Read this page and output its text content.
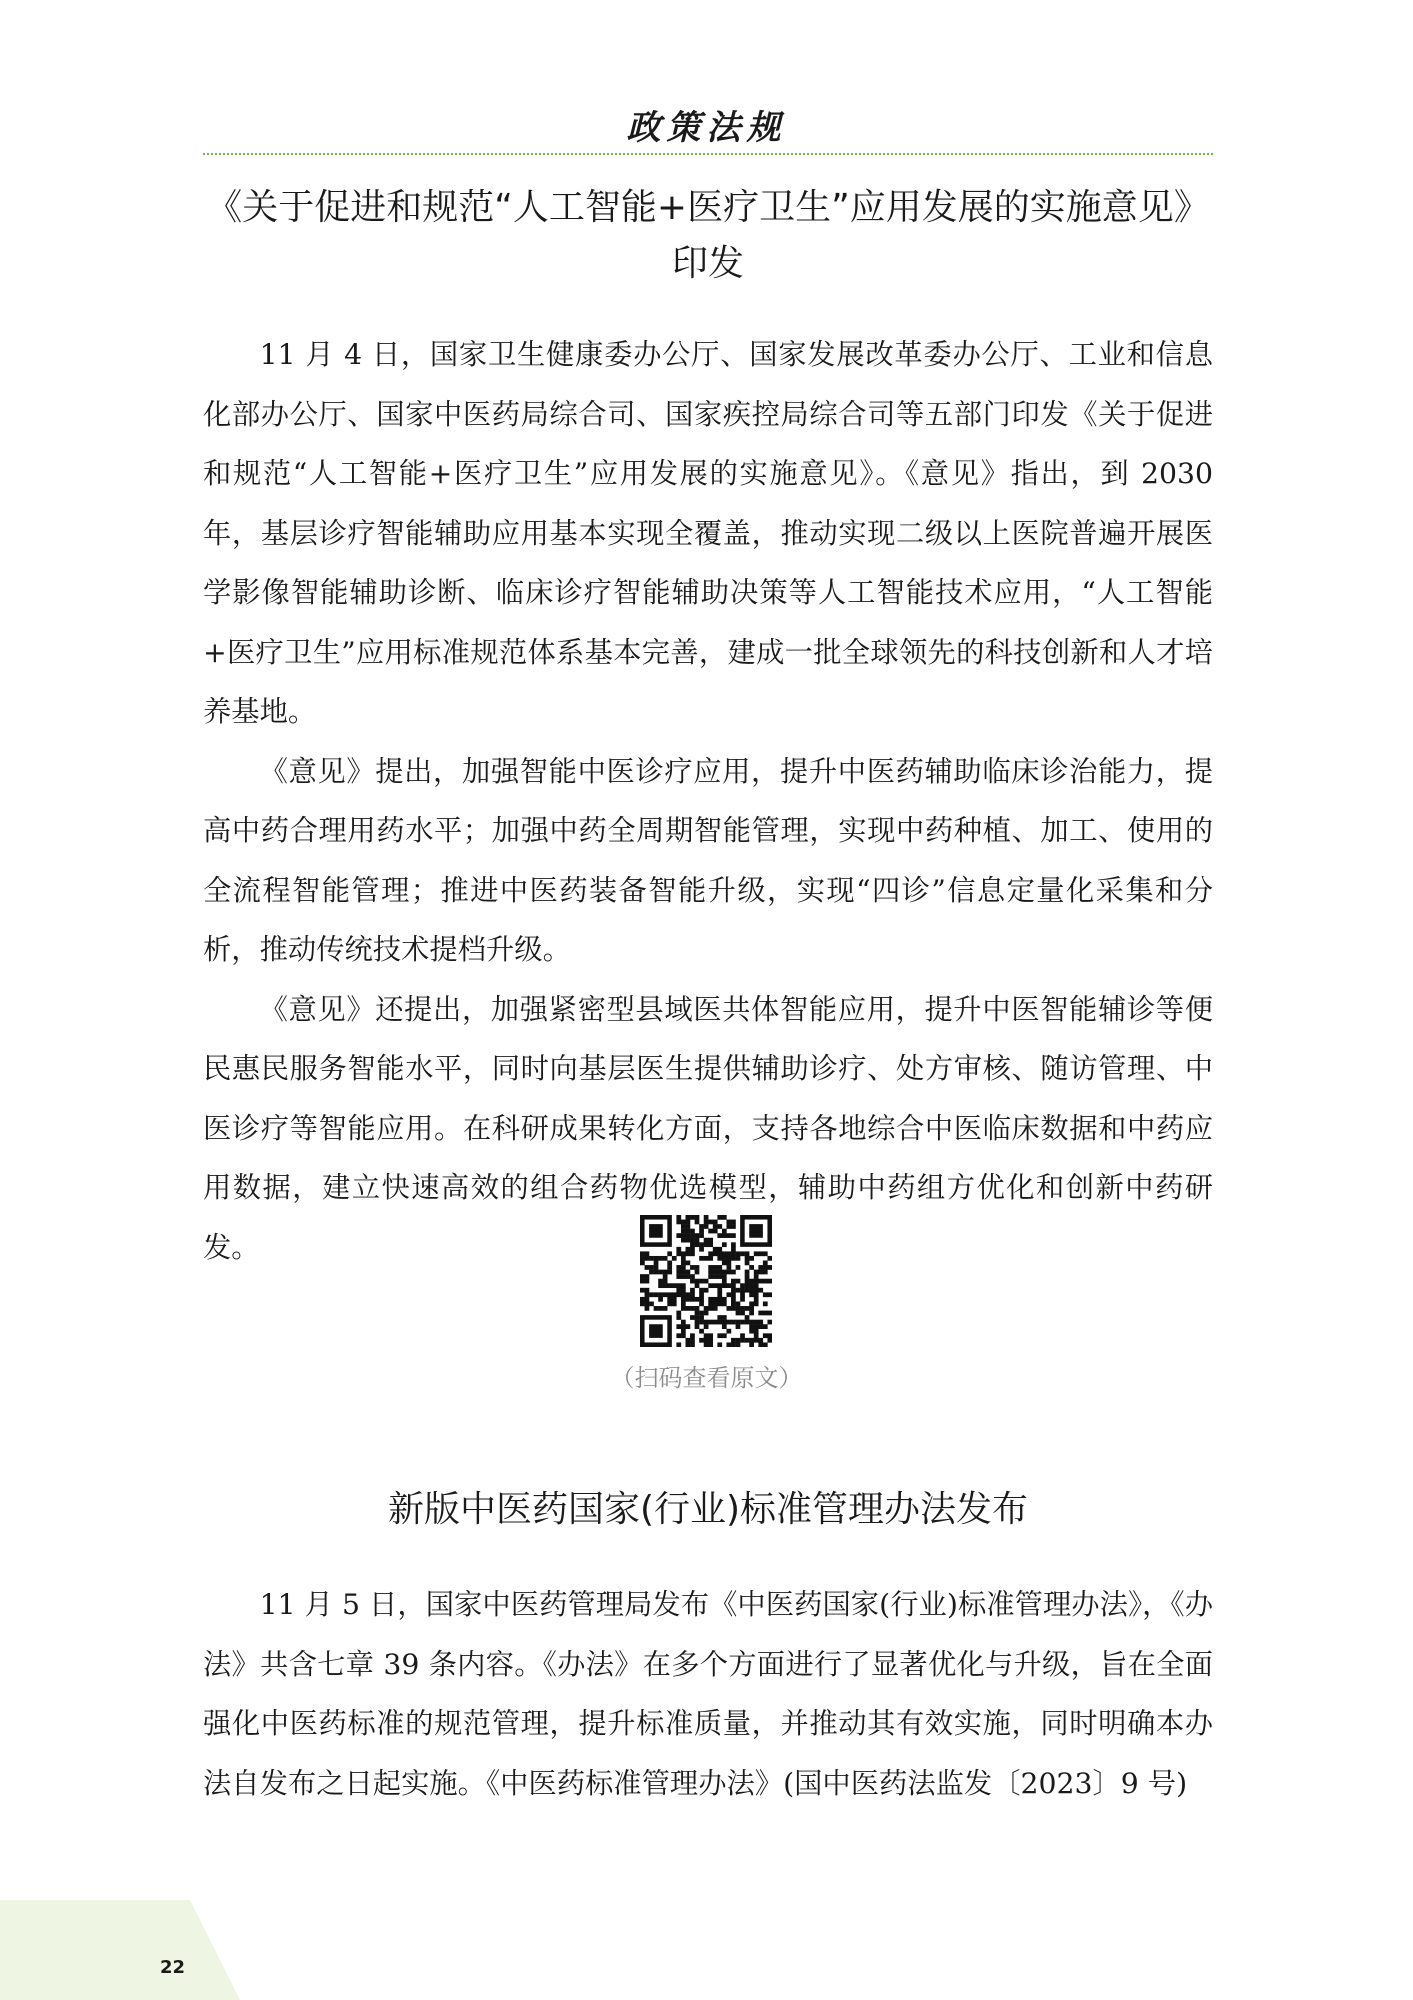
政策法规
《关于促进和规范“人工智能+医疗卫生”应用发展的实施意见》印发

11 月 4 日，国家卫生健康委办公厅、国家发展改革委办公厅、工业和信息化部办公厅、国家中医药局综合司、国家疾控局综合司等五部门印发《关于促进和规范“人工智能+医疗卫生”应用发展的实施意见》。《意见》指出，到 2030 年，基层诊疗智能辅助应用基本实现全覆盖，推动实现二级以上医院普遍开展医学影像智能辅助诊断、临床诊疗智能辅助决策等人工智能技术应用，“人工智能+医疗卫生”应用标准规范体系基本完善，建成一批全球领先的科技创新和人才培养基地。

《意见》提出，加强智能中医诊疗应用，提升中医药辅助临床诊治能力，提高中药合理用药水平；加强中药全周期智能管理，实现中药种植、加工、使用的全流程智能管理；推进中医药装备智能升级，实现“四诊”信息定量化采集和分析，推动传统技术提档升级。

《意见》还提出，加强紧密型县域医共体智能应用，提升中医智能辅诊等便民惠民服务智能水平，同时向基层医生提供辅助诊疗、处方审核、随访管理、中医诊疗等智能应用。在科研成果转化方面，支持各地综合中医临床数据和中药应用数据，建立快速高效的组合药物优选模型，辅助中药组方优化和创新中药研发。

（扫码查看原文）
新版中医药国家(行业)标准管理办法发布

11 月 5 日，国家中医药管理局发布《中医药国家(行业)标准管理办法》，《办法》共含七章 39 条内容。《办法》在多个方面进行了显著优化与升级，旨在全面强化中医药标准的规范管理，提升标准质量，并推动其有效实施，同时明确本办法自发布之日起实施。《中医药标准管理办法》(国中医药法监发〔2023〕9 号)

22
